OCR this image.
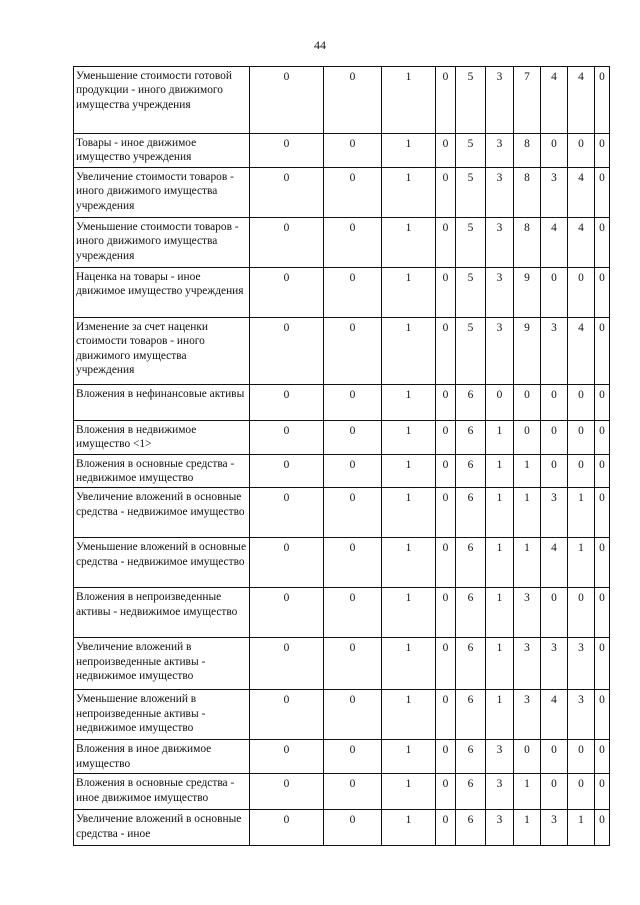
44
Уменьшение стоимости готовой продукции - иного движимого имущества учреждения	0	0	1	0	5	3	7	4	4	0
Товары - иное движимое имущество учреждения	0	0	1	0	5	3	8	0	0	0
Увеличение стоимости товаров - иного движимого имущества учреждения	0	0	1	0	5	3	8	3	4	0
Уменьшение стоимости товаров - иного движимого имущества учреждения	0	0	1	0	5	3	8	4	4	0
Наценка на товары - иное движимое имущество учреждения	0	0	1	0	5	3	9	0	0	0
Изменение за счет наценки стоимости товаров - иного движимого имущества учреждения	0	0	1	0	5	3	9	3	4	0
Вложения в нефинансовые активы	0	0	1	0	6	0	0	0	0	0
Вложения в недвижимое имущество <1>	0	0	1	0	6	1	0	0	0	0
Вложения в основные средства - недвижимое имущество	0	0	1	0	6	1	1	0	0	0
Увеличение вложений в основные средства - недвижимое имущество	0	0	1	0	6	1	1	3	1	0
Уменьшение вложений в основные средства - недвижимое имущество	0	0	1	0	6	1	1	4	1	0
Вложения в непроизведенные активы - недвижимое имущество	0	0	1	0	6	1	3	0	0	0
Увеличение вложений в непроизведенные активы - недвижимое имущество	0	0	1	0	6	1	3	3	3	0
Уменьшение вложений в непроизведенные активы - недвижимое имущество	0	0	1	0	6	1	3	4	3	0
Вложения в иное движимое имущество	0	0	1	0	6	3	0	0	0	0
Вложения в основные средства - иное движимое имущество	0	0	1	0	6	3	1	0	0	0
Увеличение вложений в основные средства - иное	0	0	1	0	6	3	1	3	1	0
